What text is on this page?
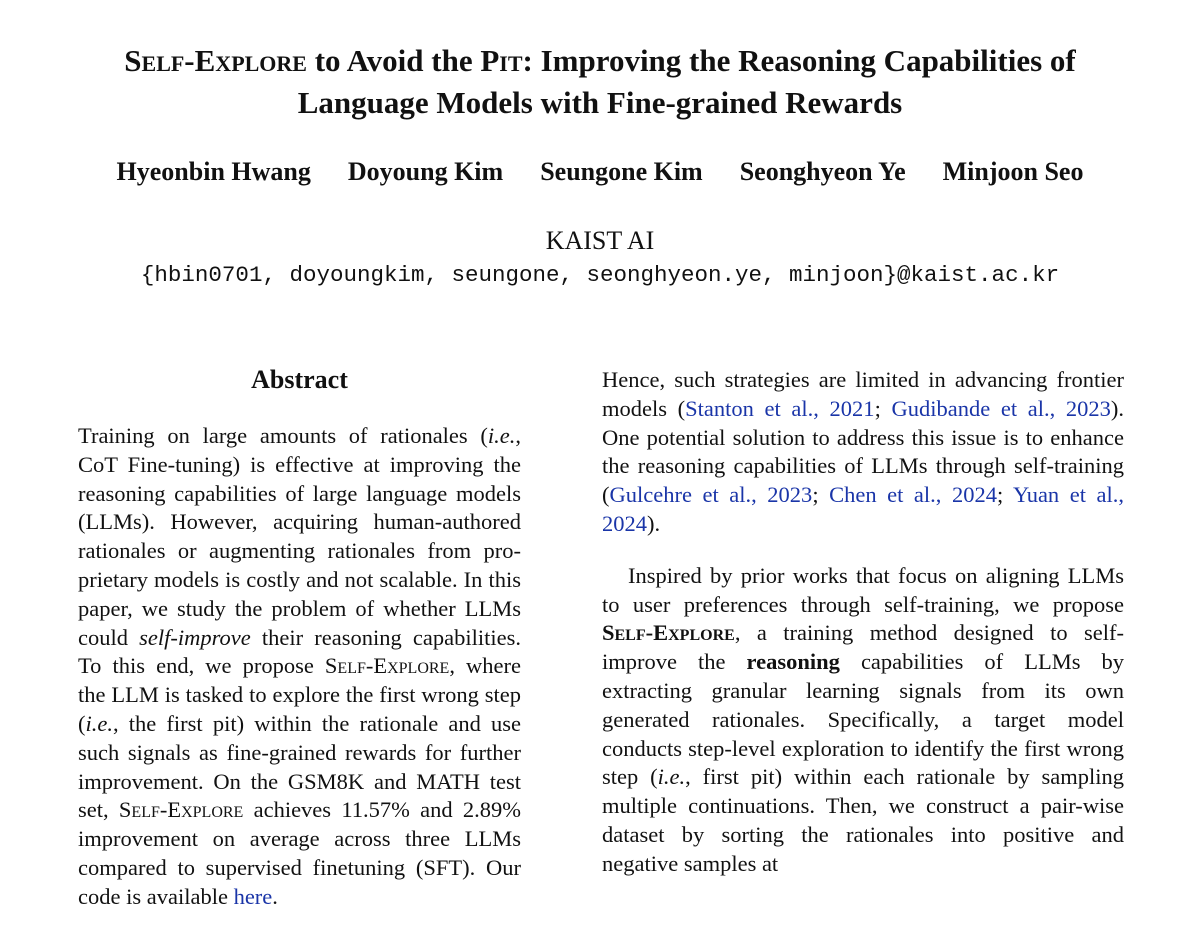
Self-Explore to Avoid the Pit: Improving the Reasoning Capabilities of
Language Models with Fine-grained Rewards
Hyeonbin Hwang Doyoung Kim Seungone Kim Seonghyeon Ye Minjoon Seo
KAIST AI
{hbin0701, doyoungkim, seungone, seonghyeon.ye, minjoon}@kaist.ac.kr
Abstract

Training on large amounts of rationales (i.e., CoT Fine-tuning) is effective at improving the reasoning capabilities of large language models (LLMs). However, acquiring human-authored rationales or augmenting rationales from proprietary models is costly and not scalable. In this paper, we study the problem of whether LLMs could self-improve their reasoning capabilities. To this end, we propose Self-Explore, where the LLM is tasked to explore the first wrong step (i.e., the first pit) within the rationale and use such signals as fine-grained rewards for further improvement. On the GSM8K and MATH test set, Self-Explore achieves 11.57% and 2.89% improvement on average across three LLMs compared to supervised finetuning (SFT). Our code is available here.

Hence, such strategies are limited in advancing frontier models (Stanton et al., 2021; Gudibande et al., 2023). One potential solution to address this issue is to enhance the reasoning capabilities of LLMs through self-training (Gulcehre et al., 2023; Chen et al., 2024; Yuan et al., 2024).

Inspired by prior works that focus on aligning LLMs to user preferences through self-training, we propose Self-Explore, a training method designed to self-improve the reasoning capabilities of LLMs by extracting granular learning signals from its own generated rationales. Specifically, a target model conducts step-level exploration to identify the first wrong step (i.e., first pit) within each rationale by sampling multiple continuations. Then, we construct a pair-wise dataset by sorting the rationales into positive and negative samples at
